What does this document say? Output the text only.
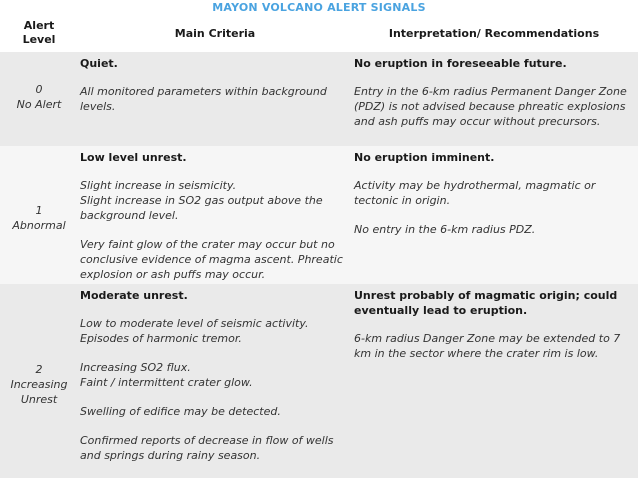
MAYON VOLCANO ALERT SIGNALS
Alert Level	Main Criteria	Interpretation/ Recommendations
0
No Alert
Quiet.
All monitored parameters within background levels.
No eruption in foreseeable future.
Entry in the 6-km radius Permanent Danger Zone (PDZ) is not advised because phreatic explosions and ash puffs may occur without precursors.
1
Abnormal
Low level unrest.
Slight increase in seismicity.
Slight increase in SO2 gas output above the background level.
Very faint glow of the crater may occur but no conclusive evidence of magma ascent. Phreatic explosion or ash puffs may occur.
No eruption imminent.
Activity may be hydrothermal, magmatic or tectonic in origin.
No entry in the 6-km radius PDZ.
2
Increasing Unrest
Moderate unrest.
Low to moderate level of seismic activity. Episodes of harmonic tremor.
Increasing SO2 flux.
Faint / intermittent crater glow.
Swelling of edifice may be detected.
Confirmed reports of decrease in flow of wells and springs during rainy season.
Unrest probably of magmatic origin; could eventually lead to eruption.
6-km radius Danger Zone may be extended to 7 km in the sector where the crater rim is low.
